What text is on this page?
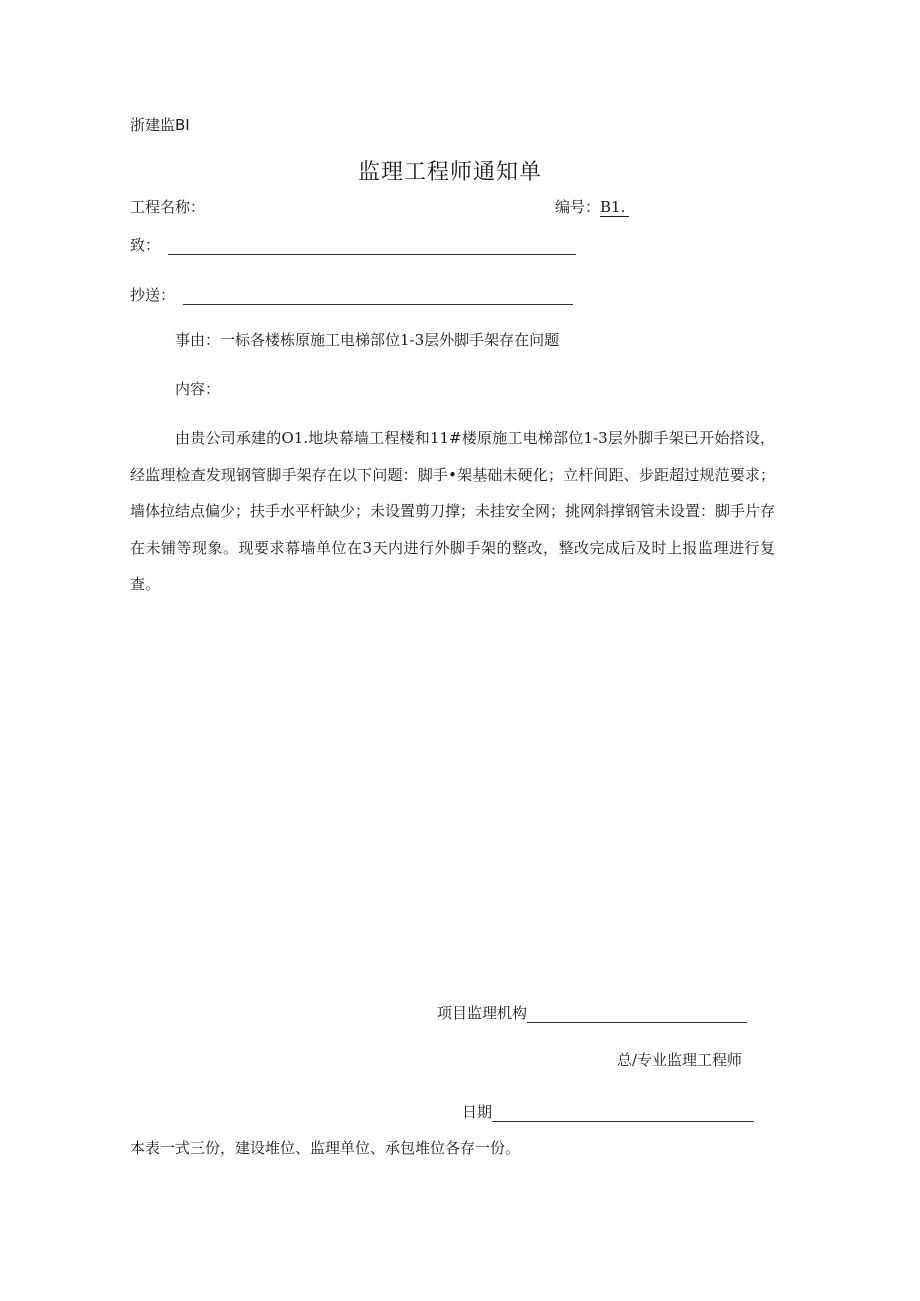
浙建监BI
监理工程师通知单
工程名称：	编号：B1.
致：
抄送：
事由：一标各楼栋原施工电梯部位1-3层外脚手架存在问题
内容：
由贵公司承建的O1.地块幕墙工程楼和11#楼原施工电梯部位1-3层外脚手架已开始搭设，经监理检查发现钢管脚手架存在以下问题：脚手•架基础未硬化；立杆间距、步距超过规范要求；墙体拉结点偏少；扶手水平杆缺少；未设置剪刀撑；未挂安全网；挑网斜撑钢管未设置：脚手片存在未铺等现象。现要求幕墙单位在3天内进行外脚手架的整改，整改完成后及时上报监理进行复查。
项目监理机构
总/专业监理工程师
日期
本表一式三份，建设堆位、监理单位、承包堆位各存一份。
